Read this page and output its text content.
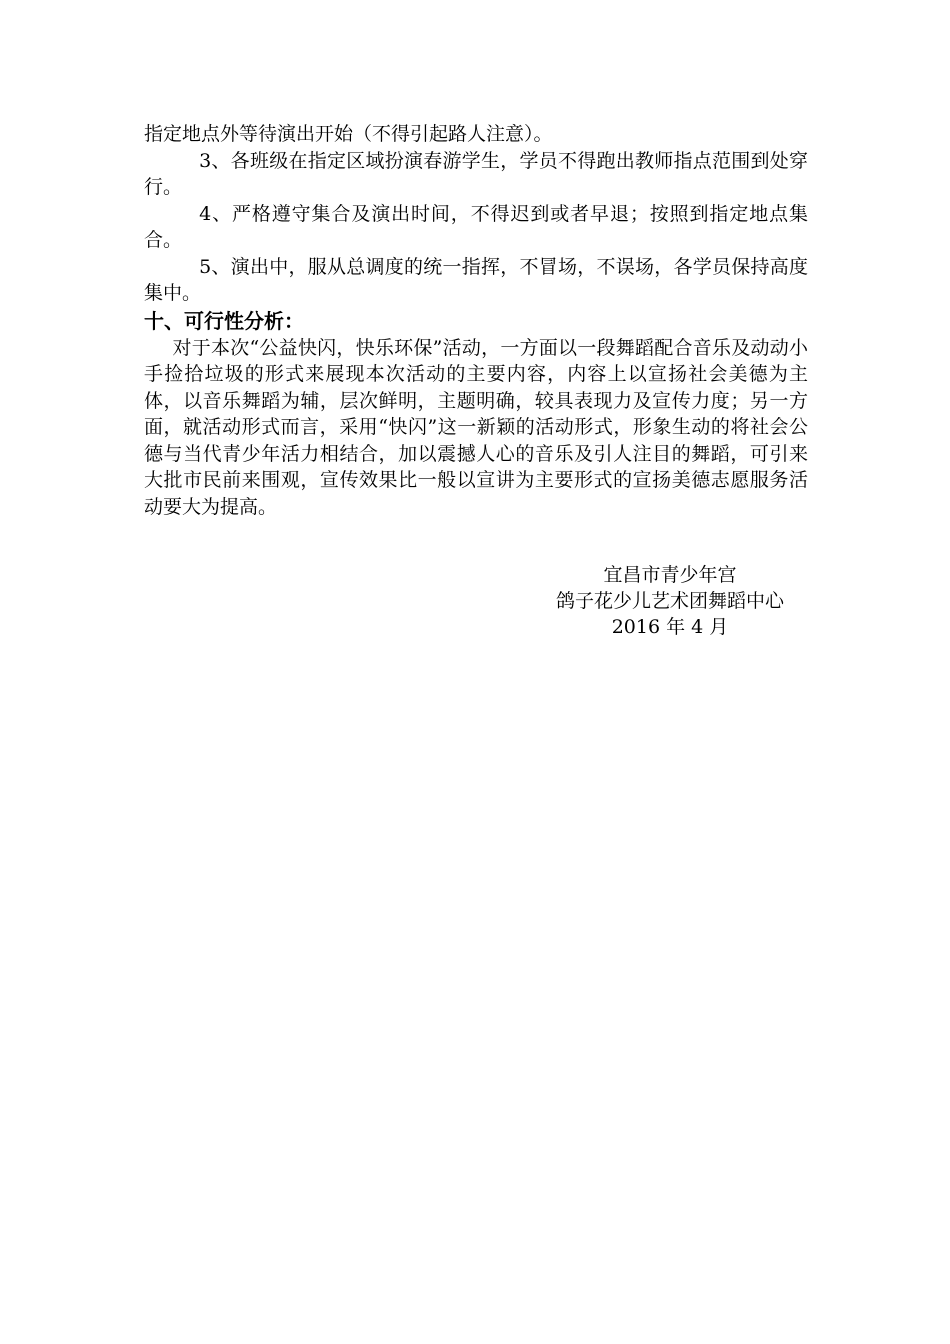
指定地点外等待演出开始（不得引起路人注意）。

3、各班级在指定区域扮演春游学生，学员不得跑出教师指点范围到处穿行。

4、严格遵守集合及演出时间，不得迟到或者早退；按照到指定地点集合。

5、演出中，服从总调度的统一指挥，不冒场，不误场，各学员保持高度集中。

十、可行性分析：

对于本次“公益快闪，快乐环保”活动，一方面以一段舞蹈配合音乐及动动小手捡拾垃圾的形式来展现本次活动的主要内容，内容上以宣扬社会美德为主体，以音乐舞蹈为辅，层次鲜明，主题明确，较具表现力及宣传力度；另一方面，就活动形式而言，采用“快闪”这一新颖的活动形式，形象生动的将社会公德与当代青少年活力相结合，加以震撼人心的音乐及引人注目的舞蹈，可引来大批市民前来围观，宣传效果比一般以宣讲为主要形式的宣扬美德志愿服务活动要大为提高。

宜昌市青少年宫
鸽子花少儿艺术团舞蹈中心
2016 年 4 月
